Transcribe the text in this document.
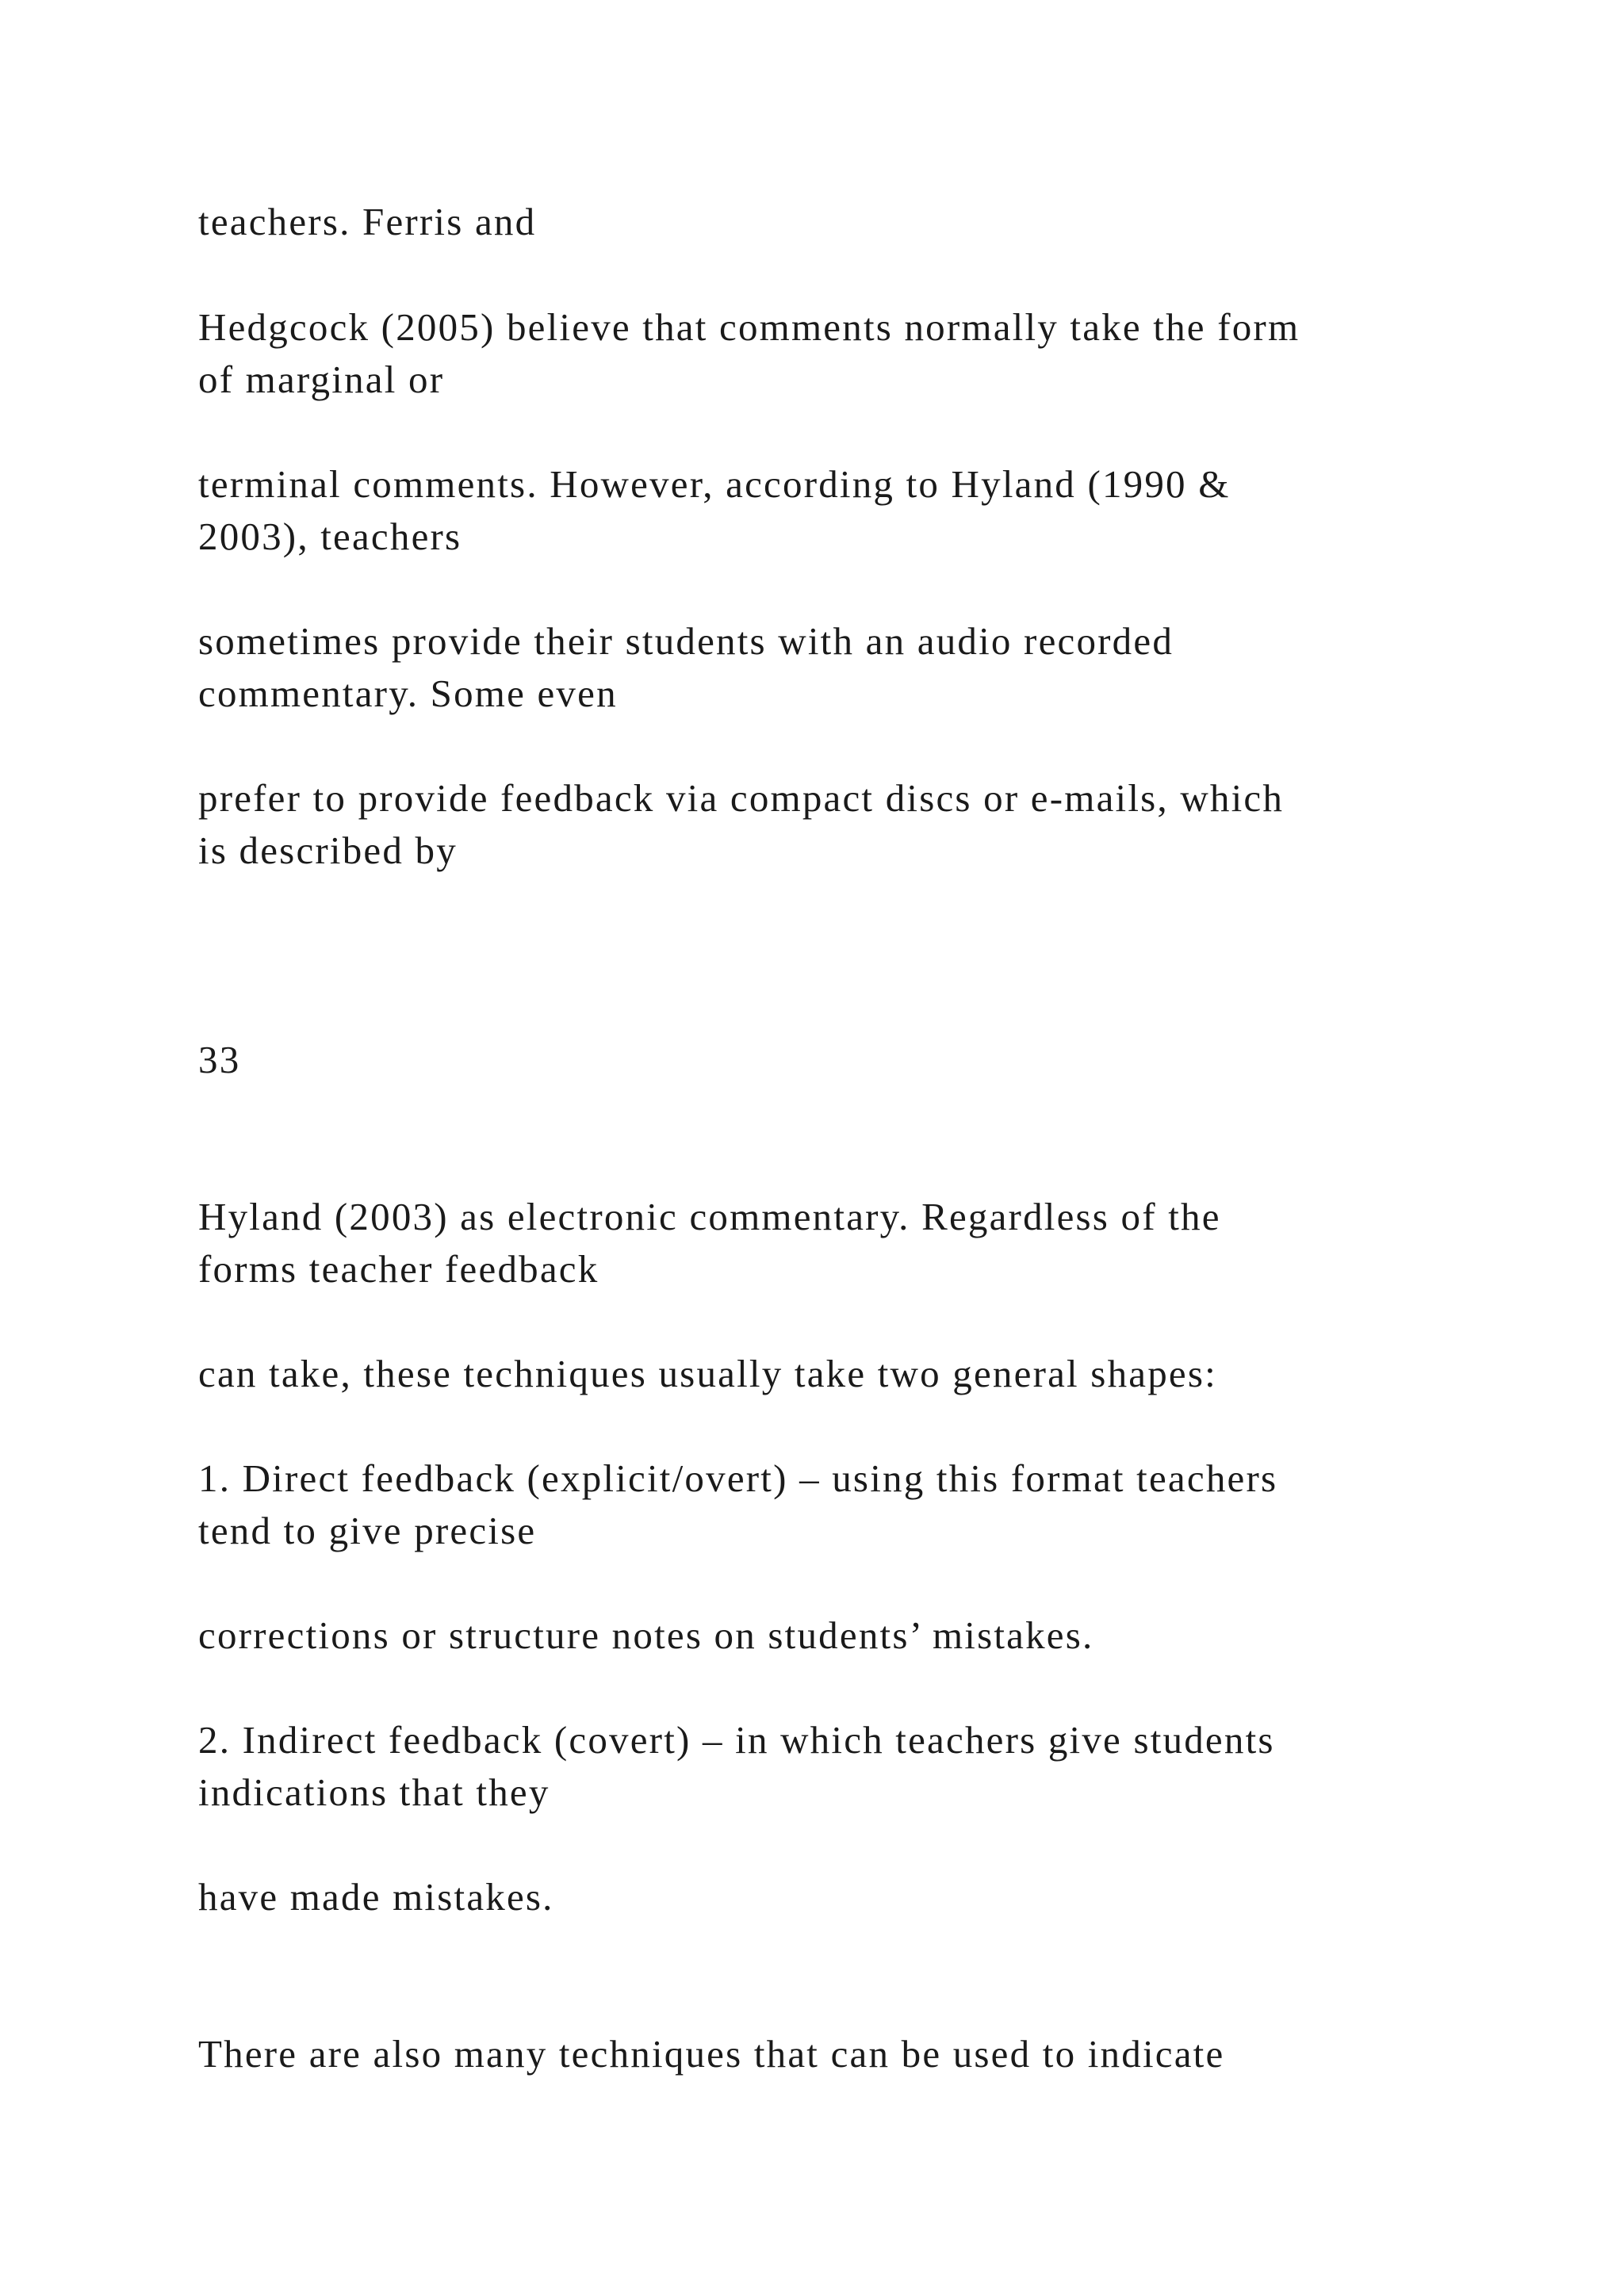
teachers. Ferris and

Hedgcock (2005) believe that comments normally take the form

of marginal or

terminal comments. However, according to Hyland (1990 &

2003), teachers

sometimes provide their students with an audio recorded

commentary. Some even

prefer to provide feedback via compact discs or e-mails, which

is described by

33

Hyland (2003) as electronic commentary. Regardless of the

forms teacher feedback

can take, these techniques usually take two general shapes:

1. Direct feedback (explicit/overt) – using this format teachers

tend to give precise

corrections or structure notes on students’ mistakes.

2. Indirect feedback (covert) – in which teachers give students

indications that they

have made mistakes.

There are also many techniques that can be used to indicate
